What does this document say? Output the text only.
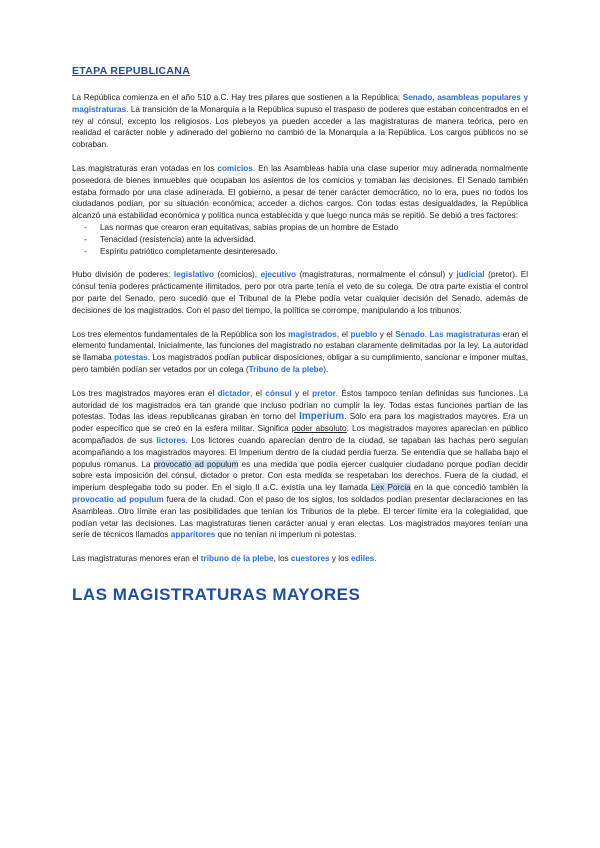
ETAPA REPUBLICANA

La República comienza en el año 510 a.C. Hay tres pilares que sostienen a la República: Senado, asambleas populares y magistraturas. La transición de la Monarquía a la República supuso el traspaso de poderes que estaban concentrados en el rey al cónsul, excepto los religiosos. Los plebeyos ya pueden acceder a las magistraturas de manera teórica, pero en realidad el carácter noble y adinerado del gobierno no cambió de la Monarquía a la República. Los cargos públicos no se cobraban.

Las magistraturas eran votadas en los comicios. En las Asambleas había una clase superior muy adinerada normalmente poseedora de bienes inmuebles que ocupaban los asientos de los comicios y tomaban las decisiones. El Senado también estaba formado por una clase adinerada. El gobierno, a pesar de tener carácter democrático, no lo era, pues no todos los ciudadanos podían, por su situación económica, acceder a dichos cargos. Con todas estas desigualdades, la República alcanzó una estabilidad económica y política nunca establecida y que luego nunca más se repitió. Se debió a tres factores:

- Las normas que crearon eran equitativas, sabias propias de un hombre de Estado
- Tenacidad (resistencia) ante la adversidad.
- Espíritu patriótico completamente desinteresado.

Hubo división de poderes: legislativo (comicios), ejecutivo (magistraturas, normalmente el cónsul) y judicial (pretor). El cónsul tenía poderes prácticamente ilimitados, pero por otra parte tenía el veto de su colega. De otra parte existía el control por parte del Senado, pero sucedió que el Tribunal de la Plebe podía vetar cualquier decisión del Senado, además de decisiones de los magistrados. Con el paso del tiempo, la política se corrompe, manipulando a los tribunos.

Los tres elementos fundamentales de la República son los magistrados, el pueblo y el Senado. Las magistraturas eran el elemento fundamental. Inicialmente, las funciones del magistrado no estaban claramente delimitadas por la ley. La autoridad se llamaba potestas. Los magistrados podían publicar disposiciones, obligar a su cumplimiento, sancionar e imponer multas, pero también podían ser vetados por un colega (Tribuno de la plebe).

Los tres magistrados mayores eran el dictador, el cónsul y el pretor. Éstos tampoco tenían definidas sus funciones. La autoridad de los magistrados era tan grande que incluso podrían no cumplir la ley. Todas estas funciones partían de las potestas. Todas las ideas republicanas giraban en torno del Imperium. Sólo era para los magistrados mayores. Era un poder específico que se creó en la esfera militar. Significa poder absoluto. Los magistrados mayores aparecían en público acompañados de sus lictores. Los lictores cuando aparecían dentro de la ciudad, se tapaban las hachas pero seguían acompañando a los magistrados mayores. El Imperium dentro de la ciudad perdía fuerza. Se entendía que se hallaba bajo el populus romanus. La provocatio ad populum es una medida que podía ejercer cualquier ciudadano porque podían decidir sobre esta imposición del cónsul, dictador o pretor. Con esta medida se respetaban los derechos. Fuera de la ciudad, el imperium desplegaba todo su poder. En el siglo II a.C. existía una ley llamada Lex Porcia en la que concedió también la provocatio ad populum fuera de la ciudad. Con el paso de los siglos, los soldados podían presentar declaraciones en las Asambleas. Otro límite eran las posibilidades que tenían los Tribunos de la plebe. El tercer límite era la colegialidad, que podían vetar las decisiones. Las magistraturas tienen carácter anual y eran electas. Los magistrados mayores tenían una serie de técnicos llamados apparitores que no tenían ni imperium ni potestas.

Las magistraturas menores eran el tribuno de la plebe, los cuestores y los ediles.

LAS MAGISTRATURAS MAYORES
